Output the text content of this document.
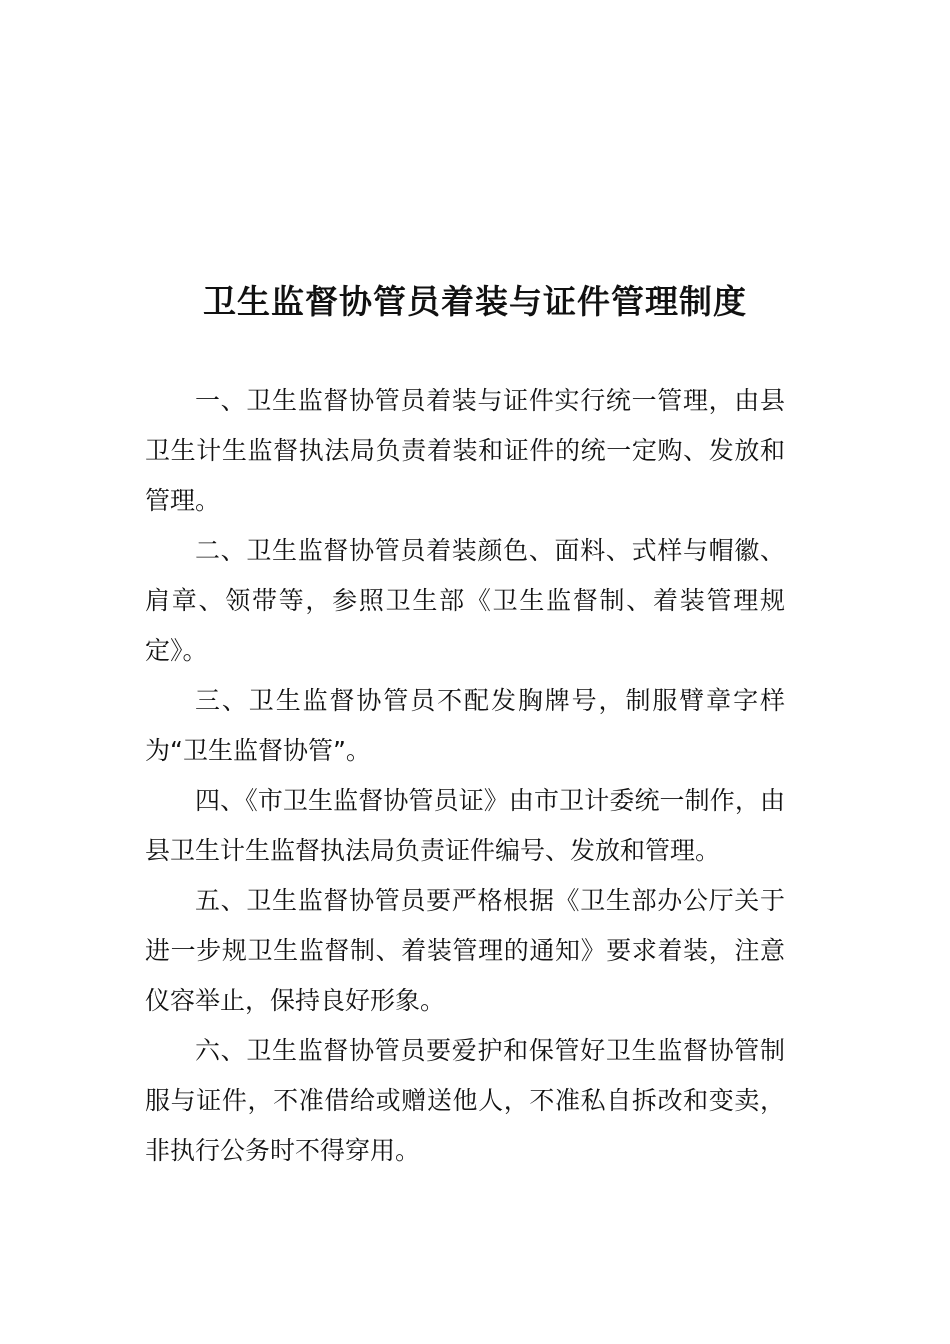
卫生监督协管员着装与证件管理制度

一、卫生监督协管员着装与证件实行统一管理，由县卫生计生监督执法局负责着装和证件的统一定购、发放和管理。

二、卫生监督协管员着装颜色、面料、式样与帽徽、肩章、领带等，参照卫生部《卫生监督制、着装管理规定》。

三、卫生监督协管员不配发胸牌号，制服臂章字样为“卫生监督协管”。

四、《市卫生监督协管员证》由市卫计委统一制作，由县卫生计生监督执法局负责证件编号、发放和管理。

五、卫生监督协管员要严格根据《卫生部办公厅关于进一步规卫生监督制、着装管理的通知》要求着装，注意仪容举止，保持良好形象。

六、卫生监督协管员要爱护和保管好卫生监督协管制服与证件，不准借给或赠送他人，不准私自拆改和变卖，非执行公务时不得穿用。
